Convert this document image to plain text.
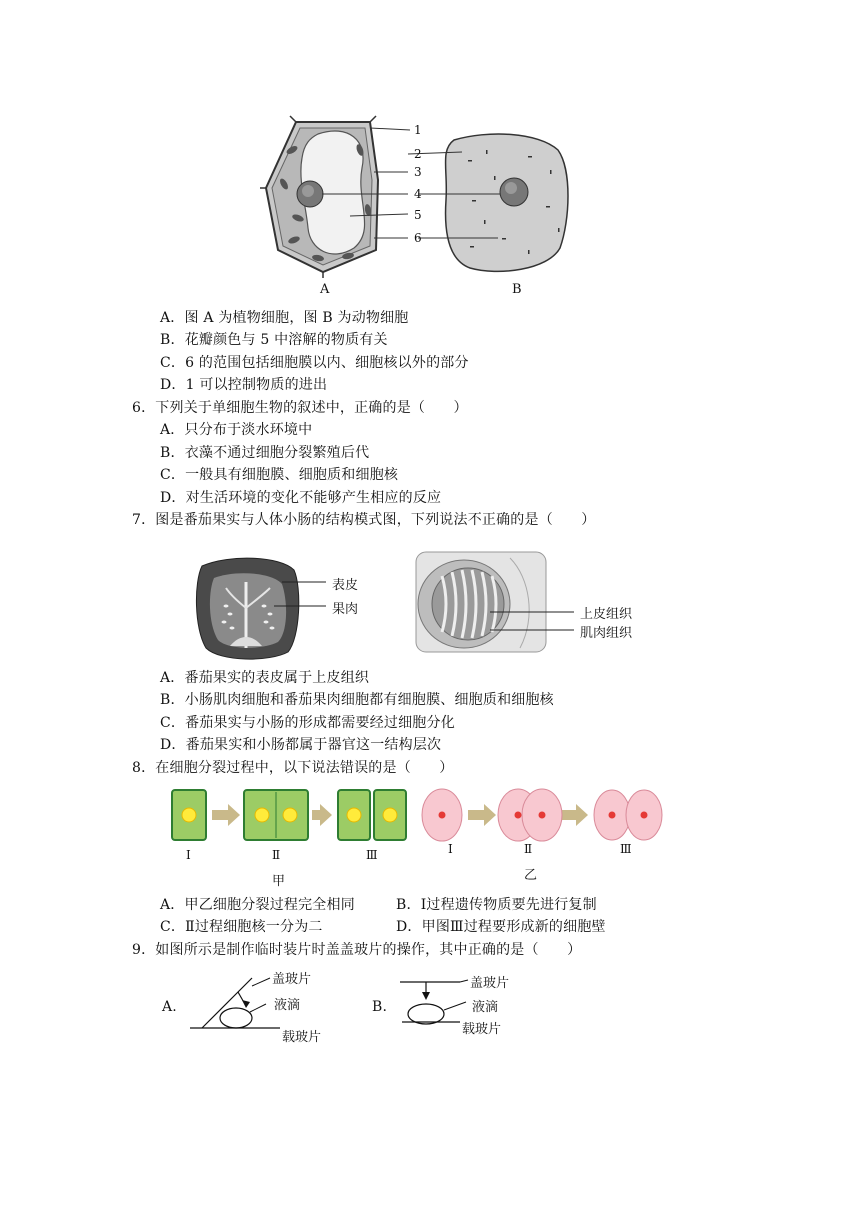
1
2
3
4
5
6
A	B
A．图 A 为植物细胞，图 B 为动物细胞
B．花瓣颜色与 5 中溶解的物质有关
C．6 的范围包括细胞膜以内、细胞核以外的部分
D．1 可以控制物质的进出
6．下列关于单细胞生物的叙述中，正确的是（　　）
A．只分布于淡水环境中
B．衣藻不通过细胞分裂繁殖后代
C．一般具有细胞膜、细胞质和细胞核
D．对生活环境的变化不能够产生相应的反应
7．图是番茄果实与人体小肠的结构模式图，下列说法不正确的是（　　）
表皮
果肉	上皮组织
肌肉组织
A．番茄果实的表皮属于上皮组织
B．小肠肌肉细胞和番茄果肉细胞都有细胞膜、细胞质和细胞核
C．番茄果实与小肠的形成都需要经过细胞分化
D．番茄果实和小肠都属于器官这一结构层次
8．在细胞分裂过程中，以下说法错误的是（　　）
Ⅰ	Ⅱ	Ⅲ
甲
Ⅰ	Ⅱ	Ⅲ
乙
A．甲乙细胞分裂过程完全相同	B．Ⅰ过程遗传物质要先进行复制
C．Ⅱ过程细胞核一分为二	D．甲图Ⅲ过程要形成新的细胞壁
9．如图所示是制作临时装片时盖盖玻片的操作，其中正确的是（　　）
A.
盖玻片
液滴
载玻片
B.
盖玻片
液滴
载玻片
